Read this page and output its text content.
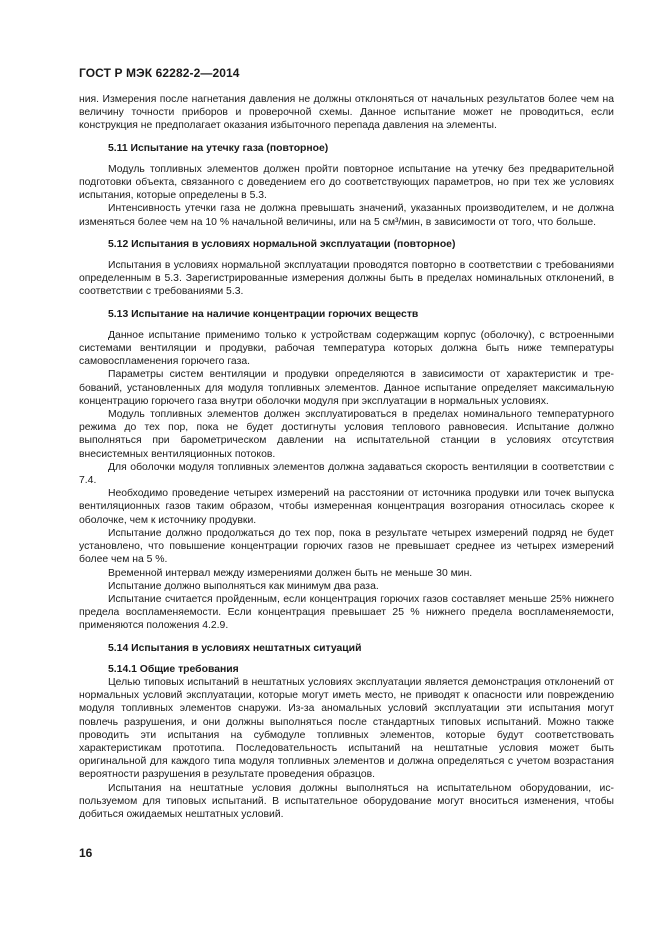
ГОСТ Р МЭК 62282-2—2014

ния. Измерения после нагнетания давления не должны отклоняться от начальных результатов более чем на величину точности приборов и проверочной схемы. Данное испытание может не проводиться, если конструкция не предполагает оказания избыточного перепада давления на элементы.

5.11 Испытание на утечку газа (повторное)

Модуль топливных элементов должен пройти повторное испытание на утечку без предварительной подготовки объекта, связанного с доведением его до соответствующих параметров, но при тех же условиях испытания, которые определены в 5.3.

Интенсивность утечки газа не должна превышать значений, указанных производителем, и не должна изменяться более чем на 10 % начальной величины, или на 5 см³/мин, в зависимости от того, что больше.

5.12 Испытания в условиях нормальной эксплуатации (повторное)

Испытания в условиях нормальной эксплуатации проводятся повторно в соответствии с требованиями определенным в 5.3. Зарегистрированные измерения должны быть в пределах номинальных отклонений, в соответствии с требованиями 5.3.

5.13 Испытание на наличие концентрации горючих веществ

Данное испытание применимо только к устройствам содержащим корпус (оболочку), с встроенными системами вентиляции и продувки, рабочая температура которых должна быть ниже температуры самовоспламенения горючего газа.

Параметры систем вентиляции и продувки определяются в зависимости от характеристик и требований, установленных для модуля топливных элементов. Данное испытание определяет максимальную концентрацию горючего газа внутри оболочки модуля при эксплуатации в нормальных условиях.

Модуль топливных элементов должен эксплуатироваться в пределах номинального температурного режима до тех пор, пока не будет достигнуты условия теплового равновесия. Испытание должно выполняться при барометрическом давлении на испытательной станции в условиях отсутствия внесистемных вентиляционных потоков.

Для оболочки модуля топливных элементов должна задаваться скорость вентиляции в соответствии с 7.4.

Необходимо проведение четырех измерений на расстоянии от источника продувки или точек выпуска вентиляционных газов таким образом, чтобы измеренная концентрация возгорания относилась скорее к оболочке, чем к источнику продувки.

Испытание должно продолжаться до тех пор, пока в результате четырех измерений подряд не будет установлено, что повышение концентрации горючих газов не превышает среднее из четырех измерений более чем на 5 %.

Временной интервал между измерениями должен быть не меньше 30 мин.

Испытание должно выполняться как минимум два раза.

Испытание считается пройденным, если концентрация горючих газов составляет меньше 25% нижнего предела воспламеняемости. Если концентрация превышает 25 % нижнего предела воспламеняемости, применяются положения 4.2.9.

5.14 Испытания в условиях нештатных ситуаций

5.14.1 Общие требования

Целью типовых испытаний в нештатных условиях эксплуатации является демонстрация отклонений от нормальных условий эксплуатации, которые могут иметь место, не приводят к опасности или повреждению модуля топливных элементов снаружи. Из-за аномальных условий эксплуатации эти испытания могут повлечь разрушения, и они должны выполняться после стандартных типовых испытаний. Можно также проводить эти испытания на субмодуле топливных элементов, которые будут соответствовать характеристикам прототипа. Последовательность испытаний на нештатные условия может быть оригинальной для каждого типа модуля топливных элементов и должна определяться с учетом возрастания вероятности разрушения в результате проведения образцов.

Испытания на нештатные условия должны выполняться на испытательном оборудовании, используемом для типовых испытаний. В испытательное оборудование могут вноситься изменения, чтобы добиться ожидаемых нештатных условий.

16
